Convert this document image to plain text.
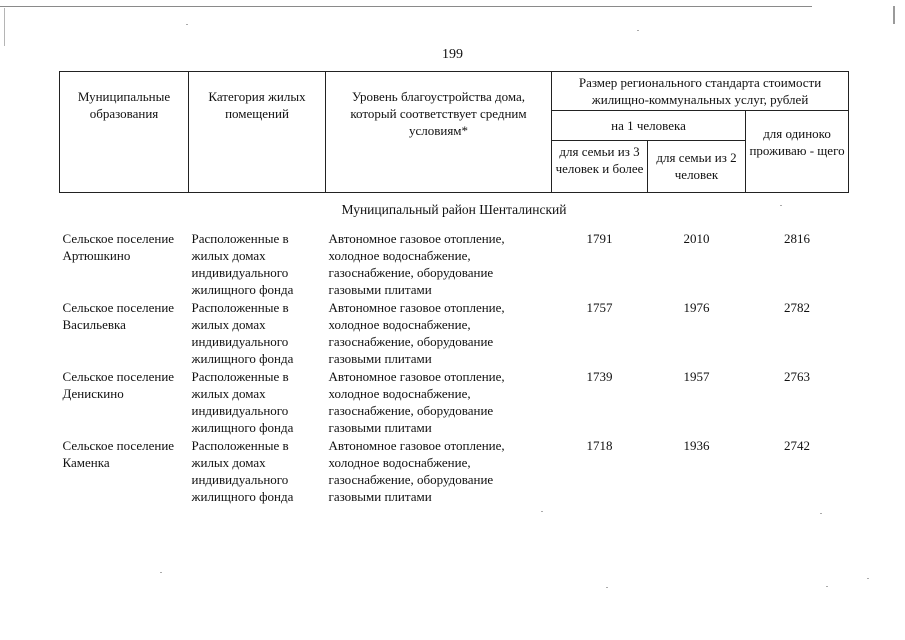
199
Муниципальные образования	Категория жилых помещений	Уровень благоустройства дома, который соответствует средним условиям*	Размер регионального стандарта стоимости жилищно-коммунальных услуг, рублей		
			на 1 человека		для одиноко проживаю - щего
			для семьи из 3 человек и более	для семьи из 2 человек	
Муниципальный район Шенталинский					
Сельское поселение Артюшкино	Расположенные в жилых домах индивидуального жилищного фонда	Автономное газовое отопление, холодное водоснабжение, газоснабжение, оборудование газовыми плитами	1791	2010	2816
Сельское поселение Васильевка	Расположенные в жилых домах индивидуального жилищного фонда	Автономное газовое отопление, холодное водоснабжение, газоснабжение, оборудование газовыми плитами	1757	1976	2782
Сельское поселение Денискино	Расположенные в жилых домах индивидуального жилищного фонда	Автономное газовое отопление, холодное водоснабжение, газоснабжение, оборудование газовыми плитами	1739	1957	2763
Сельское поселение Каменка	Расположенные в жилых домах индивидуального жилищного фонда	Автономное газовое отопление, холодное водоснабжение, газоснабжение, оборудование газовыми плитами	1718	1936	2742
